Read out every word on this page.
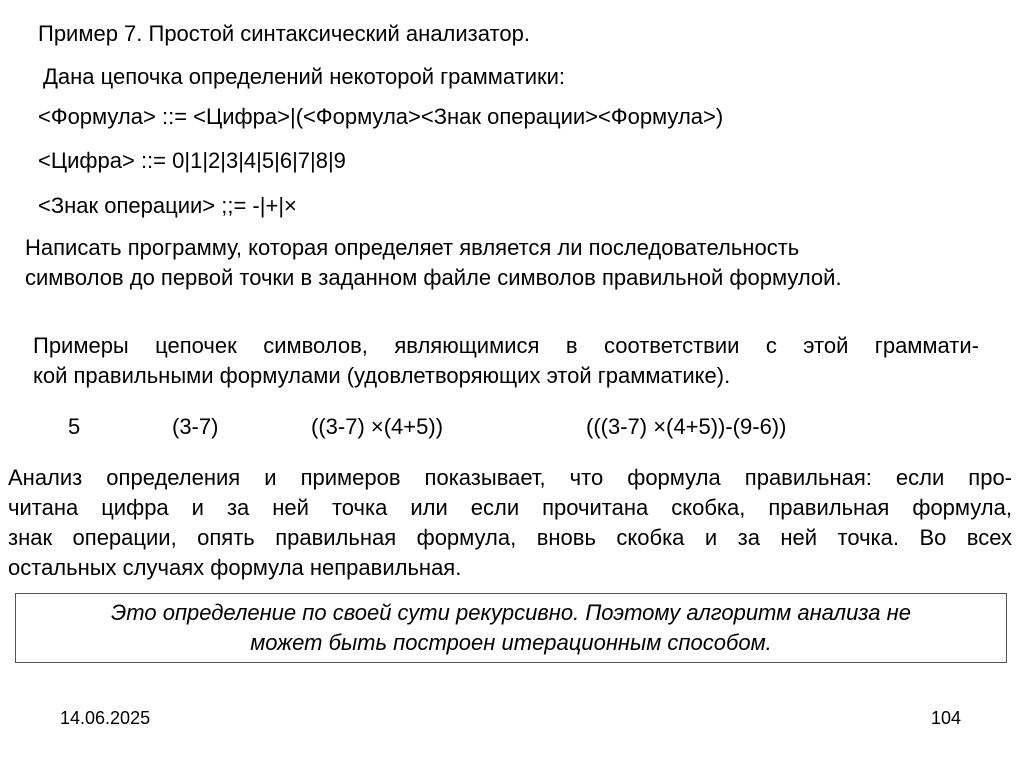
Пример 7. Простой синтаксический анализатор.
Дана цепочка определений некоторой грамматики:
<Формула> ::= <Цифра>|(<Формула><Знак операции><Формула>)
<Цифра> ::= 0|1|2|3|4|5|6|7|8|9
<Знак операции> ;;= -|+|×
Написать программу, которая определяет является ли последовательность
символов до первой точки в заданном файле символов правильной формулой.
Примеры цепочек символов, являющимися в соответствии с этой граммати-
кой правильными формулами (удовлетворяющих этой грамматике).
5	(3-7)	((3-7) ×(4+5))	(((3-7) ×(4+5))-(9-6))
Анализ определения и примеров показывает, что формула правильная: если про-
читана цифра и за ней точка или если прочитана скобка, правильная формула,
знак операции, опять правильная формула, вновь скобка и за ней точка. Во всех
остальных случаях формула неправильная.
Это определение по своей сути рекурсивно. Поэтому алгоритм анализа не
может быть построен итерационным способом.
14.06.2025	104
